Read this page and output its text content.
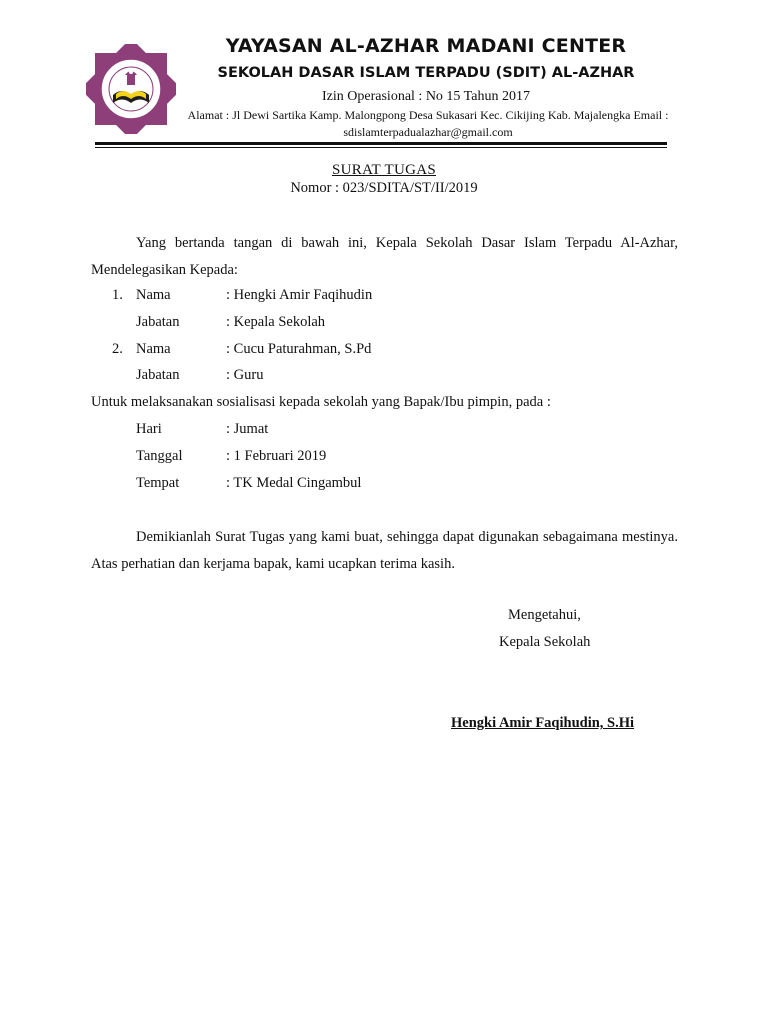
YAYASAN AL-AZHAR MADANI CENTER
SEKOLAH DASAR ISLAM TERPADU (SDIT) AL-AZHAR
Izin Operasional : No 15 Tahun 2017
Alamat : Jl Dewi Sartika Kamp. Malongpong Desa Sukasari Kec. Cikijing Kab. Majalengka Email : sdislamterpadualazhar@gmail.com
SURAT TUGAS
Nomor : 023/SDITA/ST/II/2019
Yang bertanda tangan di bawah ini, Kepala Sekolah Dasar Islam Terpadu Al-Azhar, Mendelegasikan Kepada:
1. Nama	: Hengki Amir Faqihudin
Jabatan	: Kepala Sekolah
2. Nama	: Cucu Paturahman, S.Pd
Jabatan	: Guru
Untuk melaksanakan sosialisasi kepada sekolah yang Bapak/Ibu pimpin, pada :
Hari	: Jumat
Tanggal	: 1 Februari 2019
Tempat	: TK Medal Cingambul
Demikianlah Surat Tugas yang kami buat, sehingga dapat digunakan sebagaimana mestinya. Atas perhatian dan kerjama bapak, kami ucapkan terima kasih.
Mengetahui,
Kepala Sekolah
Hengki Amir Faqihudin, S.Hi
